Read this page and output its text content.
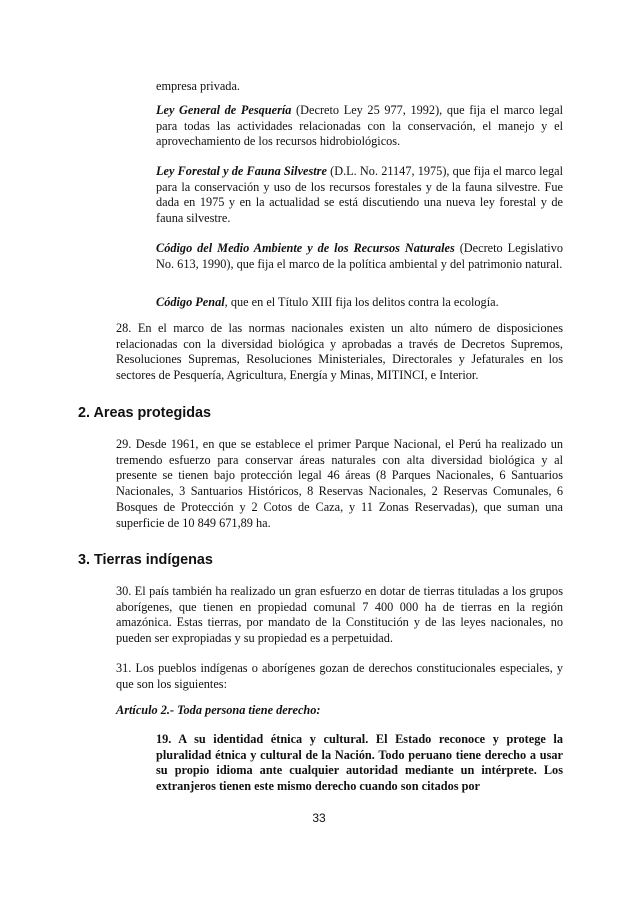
empresa privada.

Ley General de Pesquería (Decreto Ley 25 977, 1992), que fija el marco legal para todas las actividades relacionadas con la conservación, el manejo y el aprovechamiento de los recursos hidrobiológicos.

Ley Forestal y de Fauna Silvestre (D.L. No. 21147, 1975), que fija el marco legal para la conservación y uso de los recursos forestales y de la fauna silvestre. Fue dada en 1975 y en la actualidad se está discutiendo una nueva ley forestal y de fauna silvestre.

Código del Medio Ambiente y de los Recursos Naturales (Decreto Legislativo No. 613, 1990), que fija el marco de la política ambiental y del patrimonio natural.

Código Penal, que en el Título XIII fija los delitos contra la ecología.

28. En el marco de las normas nacionales existen un alto número de disposiciones relacionadas con la diversidad biológica y aprobadas a través de Decretos Supremos, Resoluciones Supremas, Resoluciones Ministeriales, Directorales y Jefaturales en los sectores de Pesquería, Agricultura, Energía y Minas, MITINCI, e Interior.

2. Areas protegidas

29. Desde 1961, en que se establece el primer Parque Nacional, el Perú ha realizado un tremendo esfuerzo para conservar áreas naturales con alta diversidad biológica y al presente se tienen bajo protección legal 46 áreas (8 Parques Nacionales, 6 Santuarios Nacionales, 3 Santuarios Históricos, 8 Reservas Nacionales, 2 Reservas Comunales, 6 Bosques de Protección y 2 Cotos de Caza, y 11 Zonas Reservadas), que suman una superficie de 10 849 671,89 ha.

3. Tierras indígenas

30. El país también ha realizado un gran esfuerzo en dotar de tierras tituladas a los grupos aborígenes, que tienen en propiedad comunal 7 400 000 ha de tierras en la región amazónica. Estas tierras, por mandato de la Constitución y de las leyes nacionales, no pueden ser expropiadas y su propiedad es a perpetuidad.

31. Los pueblos indígenas o aborígenes gozan de derechos constitucionales especiales, y que son los siguientes:

Artículo 2.- Toda persona tiene derecho:

19. A su identidad étnica y cultural. El Estado reconoce y protege la pluralidad étnica y cultural de la Nación. Todo peruano tiene derecho a usar su propio idioma ante cualquier autoridad mediante un intérprete. Los extranjeros tienen este mismo derecho cuando son citados por

33
